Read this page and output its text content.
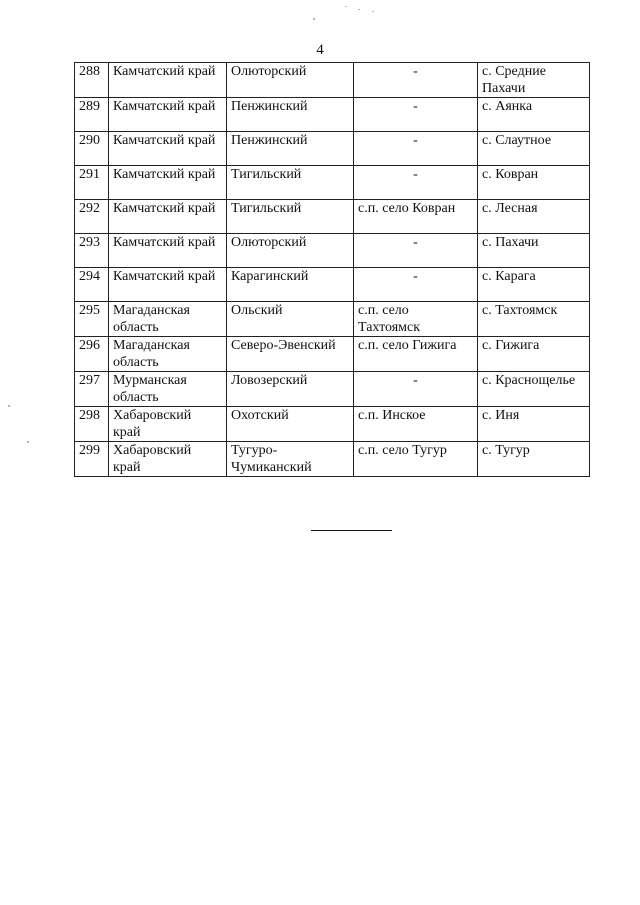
4
288	Камчатский край	Олюторский	-	с. Средние Пахачи
289	Камчатский край	Пенжинский	-	с. Аянка
290	Камчатский край	Пенжинский	-	с. Слаутное
291	Камчатский край	Тигильский	-	с. Ковран
292	Камчатский край	Тигильский	с.п. село Ковран	с. Лесная
293	Камчатский край	Олюторский	-	с. Пахачи
294	Камчатский край	Карагинский	-	с. Карага
295	Магаданская область	Ольский	с.п. село Тахтоямск	с. Тахтоямск
296	Магаданская область	Северо-Эвенский	с.п. село Гижига	с. Гижига
297	Мурманская область	Ловозерский	-	с. Краснощелье
298	Хабаровский край	Охотский	с.п. Инское	с. Иня
299	Хабаровский край	Тугуро-Чумиканский	с.п. село Тугур	с. Тугур
